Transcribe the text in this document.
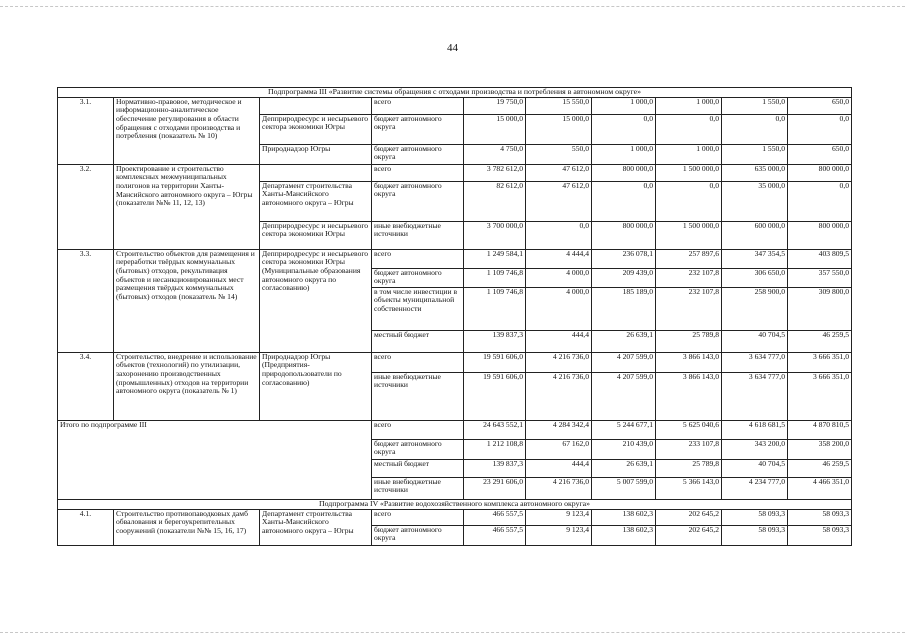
44
Подпрограмма III «Развитие системы обращения с отходами производства и потребления в автономном округе»									
3.1.	Нормативно-правовое, методическое и информационно-аналитическое обеспечение регулирования в области обращения с отходами производства и потребления (показатель № 10)		всего	19 750,0	15 550,0	1 000,0	1 000,0	1 550,0	650,0
		Депприродресурс и несырьевого сектора экономики Югры	бюджет автономного округа	15 000,0	15 000,0	0,0	0,0	0,0	0,0
		Природнадзор Югры	бюджет автономного округа	4 750,0	550,0	1 000,0	1 000,0	1 550,0	650,0
3.2.	Проектирование и строительство комплексных межмуниципальных полигонов на территории Ханты-Мансийского автономного округа – Югры (показатели №№ 11, 12, 13)		всего	3 782 612,0	47 612,0	800 000,0	1 500 000,0	635 000,0	800 000,0
		Департамент строительства Ханты-Мансийского автономного округа – Югры	бюджет автономного округа	82 612,0	47 612,0	0,0	0,0	35 000,0	0,0
		Депприродресурс и несырьевого сектора экономики Югры	иные внебюджетные источники	3 700 000,0	0,0	800 000,0	1 500 000,0	600 000,0	800 000,0
3.3.	Строительство объектов для размещения и переработки твёрдых коммунальных (бытовых) отходов, рекультивация объектов и несанкционированных мест размещения твёрдых коммунальных (бытовых) отходов (показатель № 14)	Депприродресурс и несырьевого сектора экономики Югры (Муниципальные образования автономного округа по согласованию)	всего	1 249 584,1	4 444,4	236 078,1	257 897,6	347 354,5	403 809,5
			бюджет автономного округа	1 109 746,8	4 000,0	209 439,0	232 107,8	306 650,0	357 550,0
			в том числе инвестиции в объекты муниципальной собственности	1 109 746,8	4 000,0	185 189,0	232 107,8	258 900,0	309 800,0
			местный бюджет	139 837,3	444,4	26 639,1	25 789,8	40 704,5	46 259,5
3.4.	Строительство, внедрение и использование объектов (технологий) по утилизации, захоронению производственных (промышленных) отходов на территории автономного округа (показатель № 1)	Природнадзор Югры (Предприятия-природопользователи по согласованию)	всего	19 591 606,0	4 216 736,0	4 207 599,0	3 866 143,0	3 634 777,0	3 666 351,0
			иные внебюджетные источники	19 591 606,0	4 216 736,0	4 207 599,0	3 866 143,0	3 634 777,0	3 666 351,0
Итого по подпрограмме III			всего	24 643 552,1	4 284 342,4	5 244 677,1	5 625 040,6	4 618 681,5	4 870 810,5
			бюджет автономного округа	1 212 108,8	67 162,0	210 439,0	233 107,8	343 200,0	358 200,0
			местный бюджет	139 837,3	444,4	26 639,1	25 789,8	40 704,5	46 259,5
			иные внебюджетные источники	23 291 606,0	4 216 736,0	5 007 599,0	5 366 143,0	4 234 777,0	4 466 351,0
Подпрограмма IV «Развитие водохозяйственного комплекса автономного округа»									
4.1.	Строительство противопаводковых дамб обвалования и берегоукрепительных сооружений (показатели №№ 15, 16, 17)	Департамент строительства Ханты-Мансийского автономного округа – Югры	всего	466 557,5	9 123,4	138 602,3	202 645,2	58 093,3	58 093,3
			бюджет автономного округа	466 557,5	9 123,4	138 602,3	202 645,2	58 093,3	58 093,3
